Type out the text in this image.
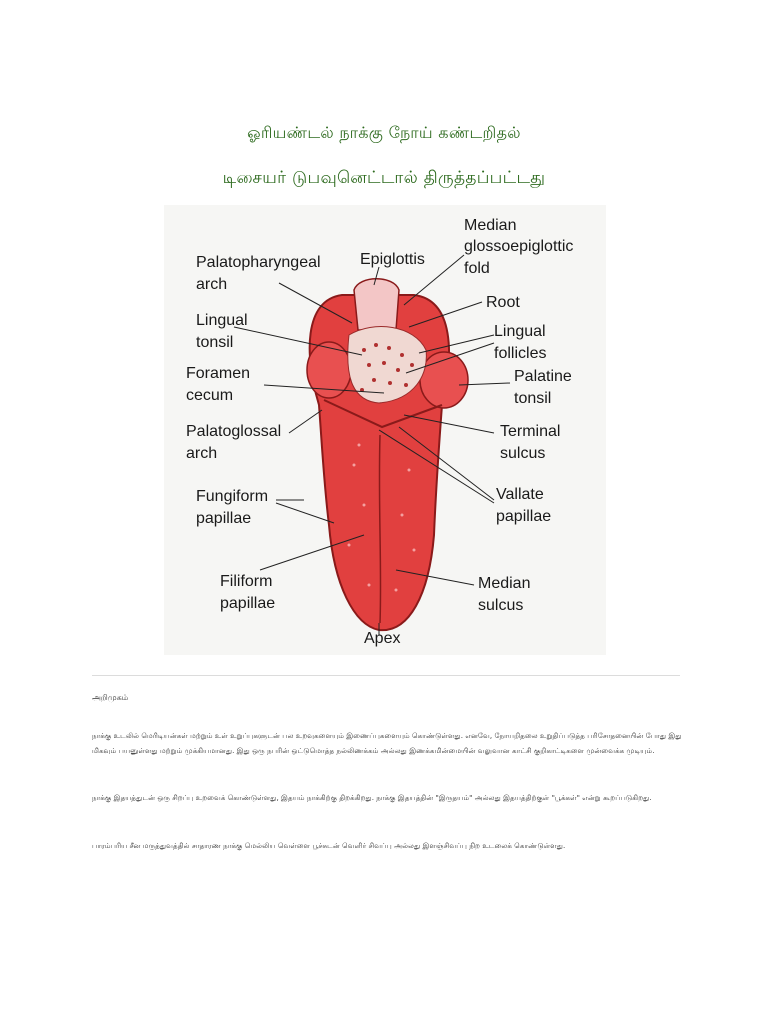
ஓரியண்டல் நாக்கு நோய் கண்டறிதல்
டிசையர் டுபவுனெட்டால் திருத்தப்பட்டது
Palatopharyngeal
arch
Epiglottis
Median
glossoepiglottic
fold
Root
Lingual
tonsil
Lingual
follicles
Foramen
cecum
Palatine
tonsil
Palatoglossal
arch
Terminal
sulcus
Fungiform
papillae
Vallate
papillae
Filiform
papillae
Median
sulcus
Apex
அறிமுகம்
நாக்கு உடலில் மெரிடியன்கள் மற்றும் உள் உறுப்புகளுடன் பல உறவுகளையும் இணைப்புகளையும் கொண்டுள்ளது. எனவே, நோயறிதலை உறுதிப்படுத்த பரிசோதனையின் போது இது மிகவும் பயனுள்ளது மற்றும் முக்கியமானது. இது ஒரு நபரின் ஒட்டுமொத்த நல்லிணக்கம் அல்லது இணக்கமின்மையின் வலுவான காட்சி குறிகாட்டிகளை முன்வைக்க முடியும்.
நாக்கு இதயத்துடன் ஒரு சிறப்பு உறவைக் கொண்டுள்ளது, இதயம் நாக்கிற்கு திறக்கிறது. நாக்கு இதயத்தின் "இருதயம்" அல்லது இதயத்திற்குள் "பூக்கள்" என்று கூறப்படுகிறது.
பாரம்பரிய சீன மருத்துவத்தில் சாதாரண நாக்கு மெல்லிய வெள்ளை பூச்சுடன் வெளிர் சிவப்பு அல்லது இளஞ்சிவப்பு நிற உடலைக் கொண்டுள்ளது.
